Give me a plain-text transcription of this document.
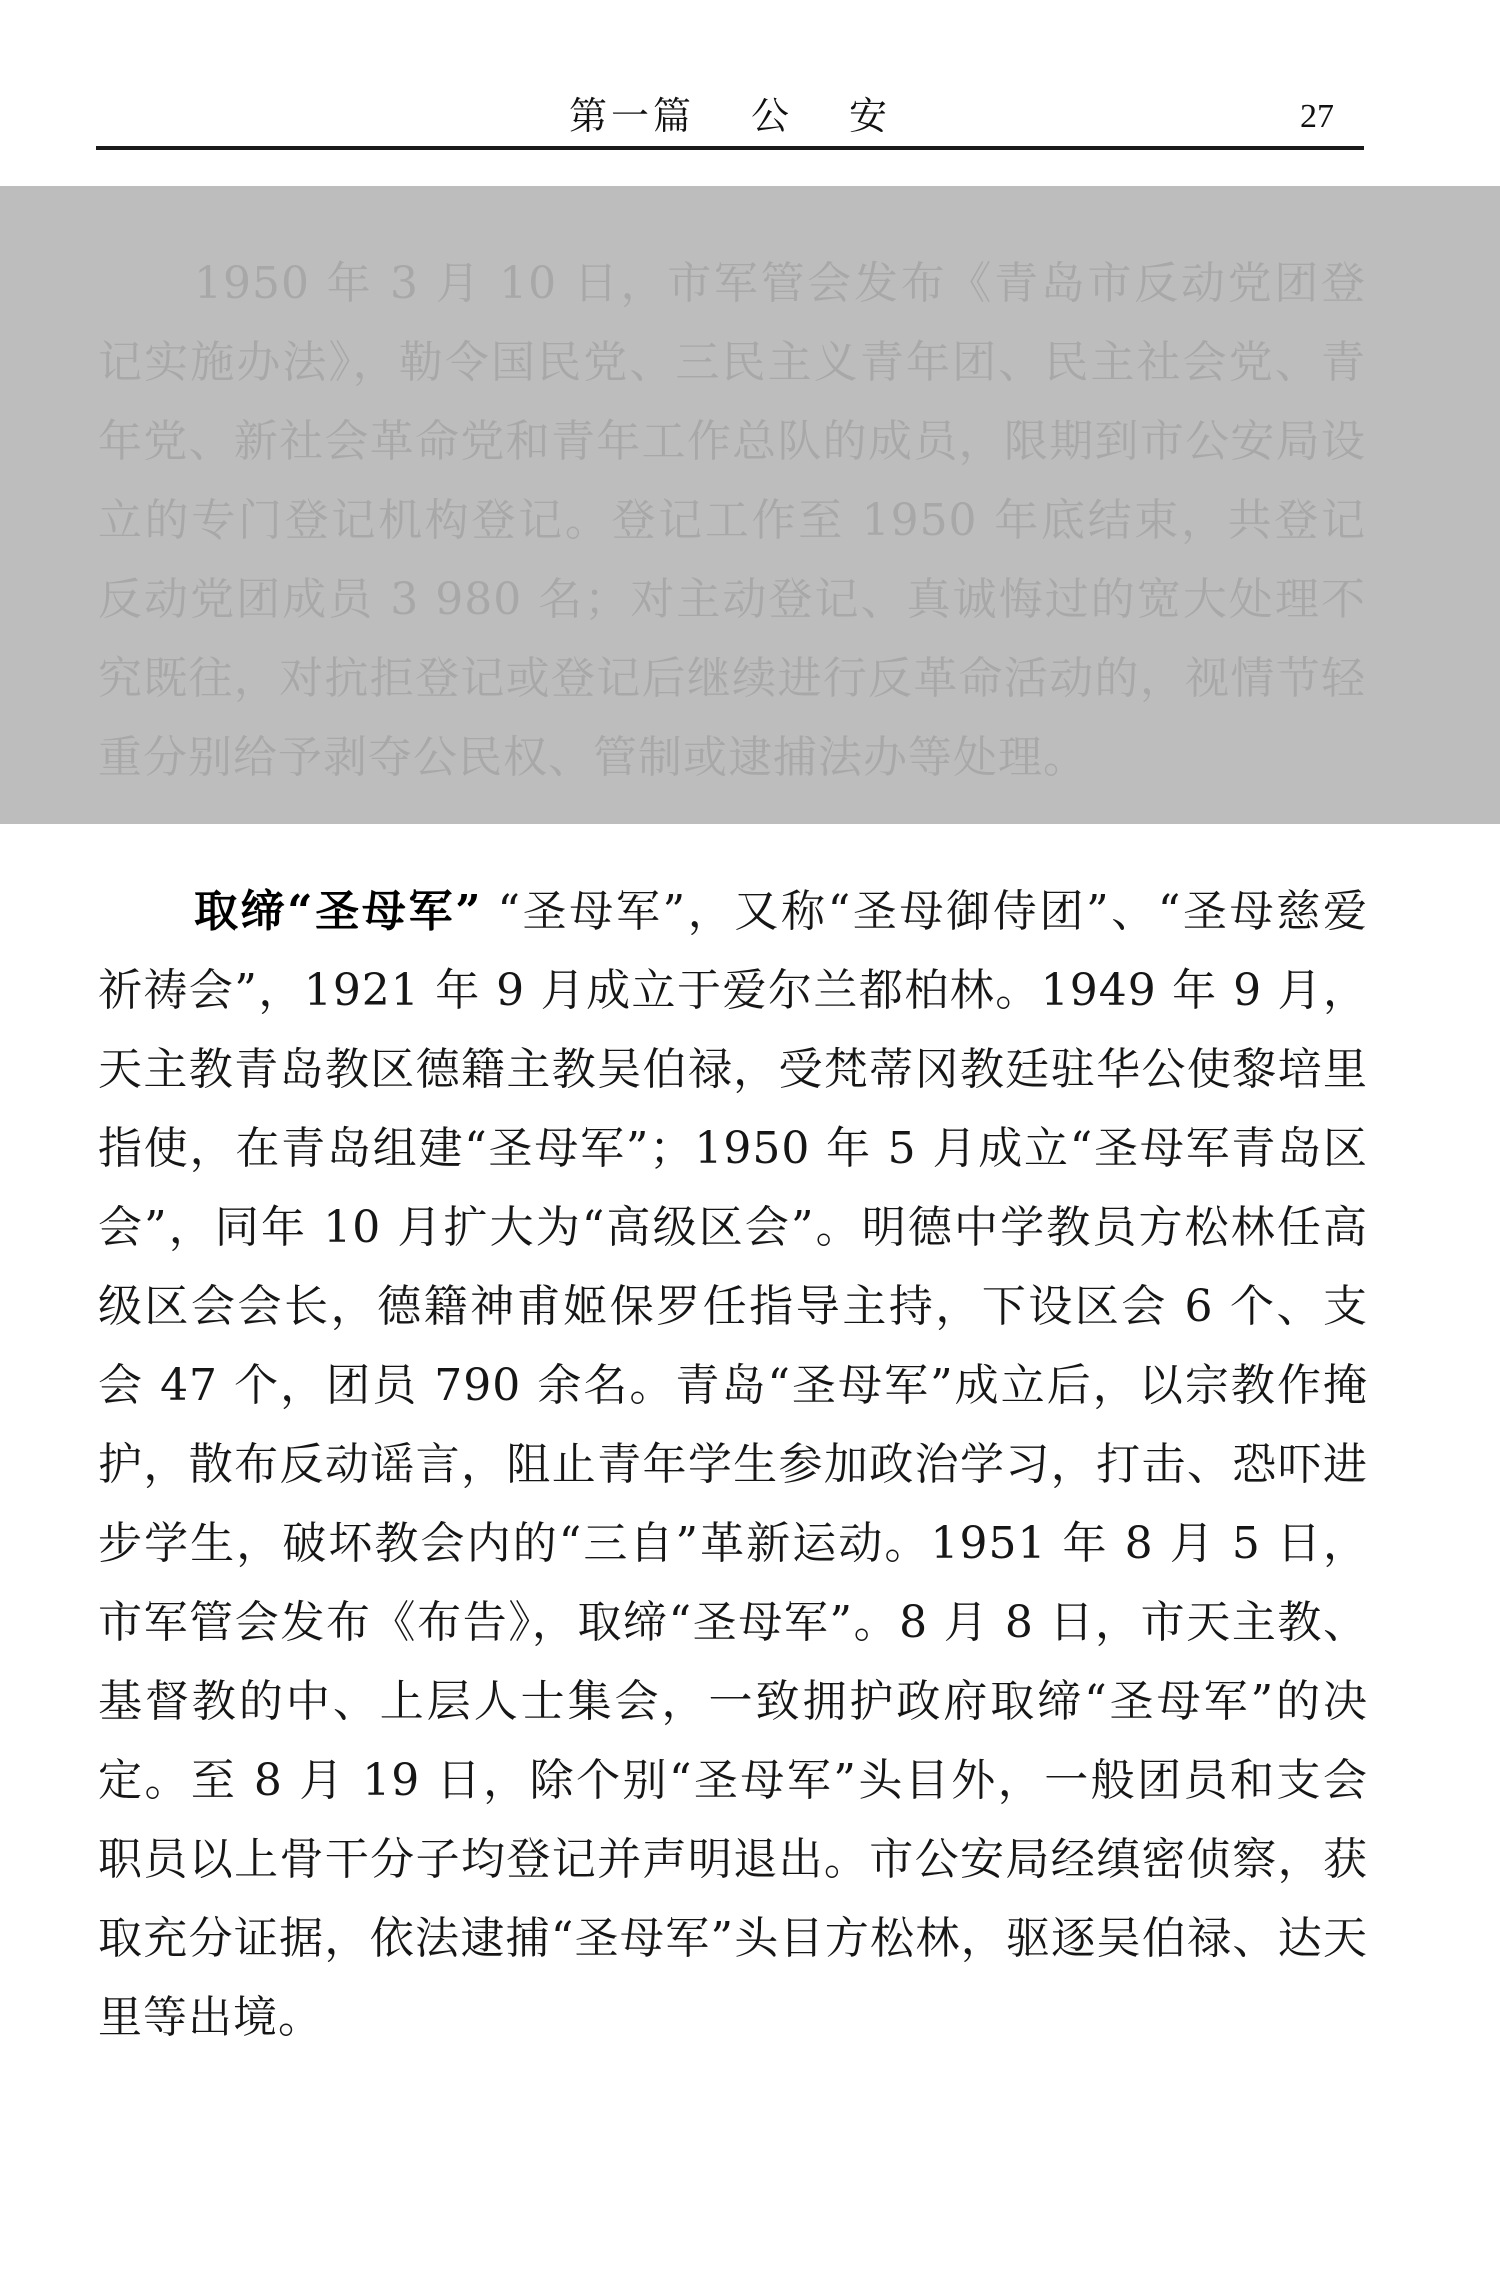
第一篇 公 安	27

1950 年 3 月 10 日，市军管会发布《青岛市反动党团登记实施办法》，勒令国民党、三民主义青年团、民主社会党、青年党、新社会革命党和青年工作总队的成员，限期到市公安局设立的专门登记机构登记。登记工作至 1950 年底结束，共登记反动党团成员 3 980 名；对主动登记、真诚悔过的宽大处理不究既往，对抗拒登记或登记后继续进行反革命活动的，视情节轻重分别给予剥夺公民权、管制或逮捕法办等处理。

取缔“圣母军” “圣母军”，又称“圣母御侍团”、“圣母慈爱祈祷会”，1921 年 9 月成立于爱尔兰都柏林。1949 年 9 月，天主教青岛教区德籍主教吴伯禄，受梵蒂冈教廷驻华公使黎培里指使，在青岛组建“圣母军”；1950 年 5 月成立“圣母军青岛区会”，同年 10 月扩大为“高级区会”。明德中学教员方松林任高级区会会长，德籍神甫姬保罗任指导主持，下设区会 6 个、支会 47 个，团员 790 余名。青岛“圣母军”成立后，以宗教作掩护，散布反动谣言，阻止青年学生参加政治学习，打击、恐吓进步学生，破坏教会内的“三自”革新运动。1951 年 8 月 5 日，市军管会发布《布告》，取缔“圣母军”。8 月 8 日，市天主教、基督教的中、上层人士集会，一致拥护政府取缔“圣母军”的决定。至 8 月 19 日，除个别“圣母军”头目外，一般团员和支会职员以上骨干分子均登记并声明退出。市公安局经缜密侦察，获取充分证据，依法逮捕“圣母军”头目方松林，驱逐吴伯禄、达天里等出境。
